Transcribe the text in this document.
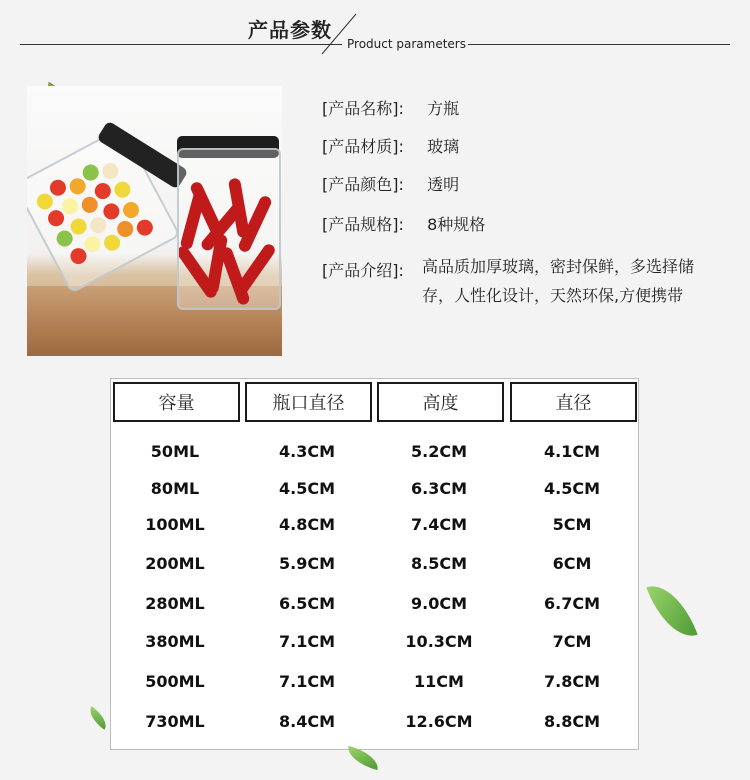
产品参数
Product parameters
[产品名称]: 方瓶
[产品材质]: 玻璃
[产品颜色]: 透明
[产品规格]: 8种规格
[产品介绍]: 高品质加厚玻璃，密封保鲜，多选择储存，人性化设计，天然环保,方便携带
容量	瓶口直径	高度	直径
50ML	4.3CM	5.2CM	4.1CM
80ML	4.5CM	6.3CM	4.5CM
100ML	4.8CM	7.4CM	5CM
200ML	5.9CM	8.5CM	6CM
280ML	6.5CM	9.0CM	6.7CM
380ML	7.1CM	10.3CM	7CM
500ML	7.1CM	11CM	7.8CM
730ML	8.4CM	12.6CM	8.8CM
